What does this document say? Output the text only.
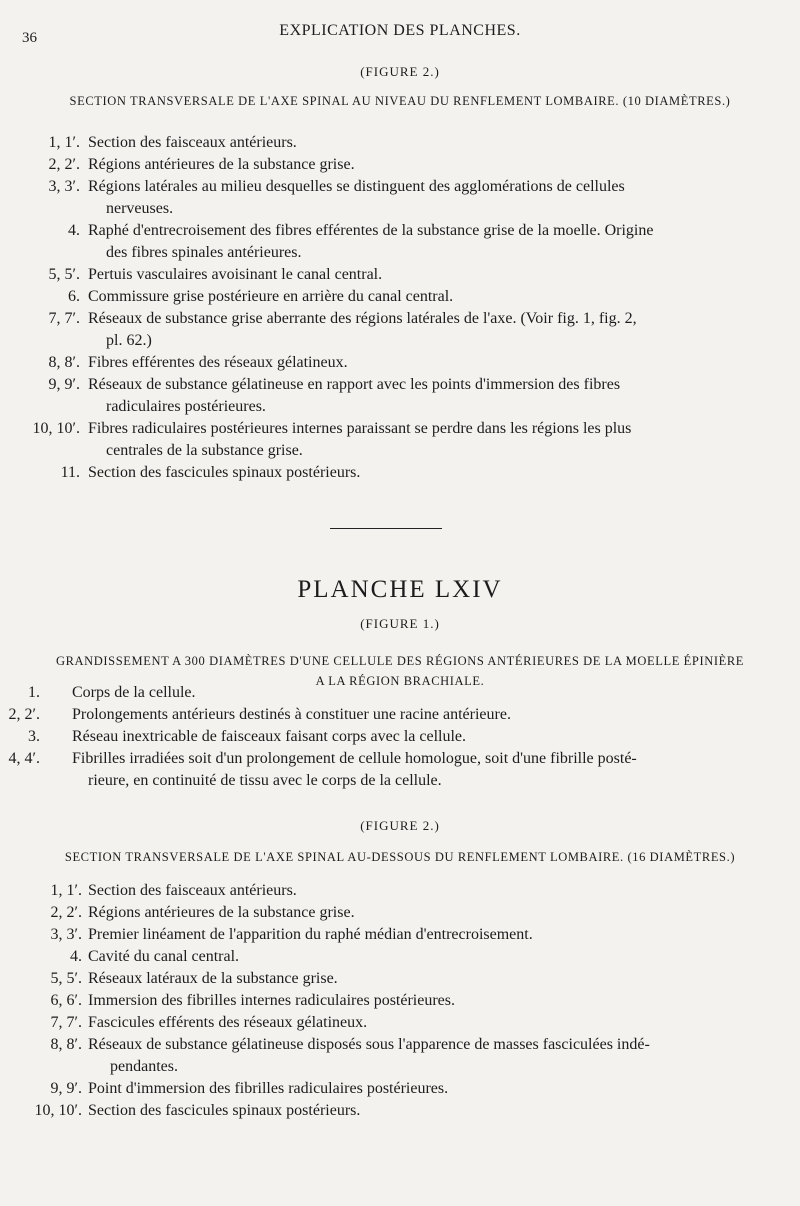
36	EXPLICATION DES PLANCHES.
(FIGURE 2.)
SECTION TRANSVERSALE DE L'AXE SPINAL AU NIVEAU DU RENFLEMENT LOMBAIRE. (10 DIAMÈTRES.)
1, 1′. Section des faisceaux antérieurs.
2, 2′. Régions antérieures de la substance grise.
3, 3′. Régions latérales au milieu desquelles se distinguent des agglomérations de cellules
nerveuses.
4. Raphé d'entrecroisement des fibres efférentes de la substance grise de la moelle. Origine
des fibres spinales antérieures.
5, 5′. Pertuis vasculaires avoisinant le canal central.
6. Commissure grise postérieure en arrière du canal central.
7, 7′. Réseaux de substance grise aberrante des régions latérales de l'axe. (Voir fig. 1, fig. 2,
pl. 62.)
8, 8′. Fibres efférentes des réseaux gélatineux.
9, 9′. Réseaux de substance gélatineuse en rapport avec les points d'immersion des fibres
radiculaires postérieures.
10, 10′. Fibres radiculaires postérieures internes paraissant se perdre dans les régions les plus
centrales de la substance grise.
11. Section des fascicules spinaux postérieurs.
PLANCHE LXIV
(FIGURE 1.)
GRANDISSEMENT A 300 DIAMÈTRES D'UNE CELLULE DES RÉGIONS ANTÉRIEURES DE LA MOELLE ÉPINIÈRE
A LA RÉGION BRACHIALE.
1. Corps de la cellule.
2, 2′. Prolongements antérieurs destinés à constituer une racine antérieure.
3. Réseau inextricable de faisceaux faisant corps avec la cellule.
4, 4′. Fibrilles irradiées soit d'un prolongement de cellule homologue, soit d'une fibrille posté-
rieure, en continuité de tissu avec le corps de la cellule.
(FIGURE 2.)
SECTION TRANSVERSALE DE L'AXE SPINAL AU-DESSOUS DU RENFLEMENT LOMBAIRE. (16 DIAMÈTRES.)
1, 1′. Section des faisceaux antérieurs.
2, 2′. Régions antérieures de la substance grise.
3, 3′. Premier linéament de l'apparition du raphé médian d'entrecroisement.
4. Cavité du canal central.
5, 5′. Réseaux latéraux de la substance grise.
6, 6′. Immersion des fibrilles internes radiculaires postérieures.
7, 7′. Fascicules efférents des réseaux gélatineux.
8, 8′. Réseaux de substance gélatineuse disposés sous l'apparence de masses fasciculées indé-
pendantes.
9, 9′. Point d'immersion des fibrilles radiculaires postérieures.
10, 10′. Section des fascicules spinaux postérieurs.
